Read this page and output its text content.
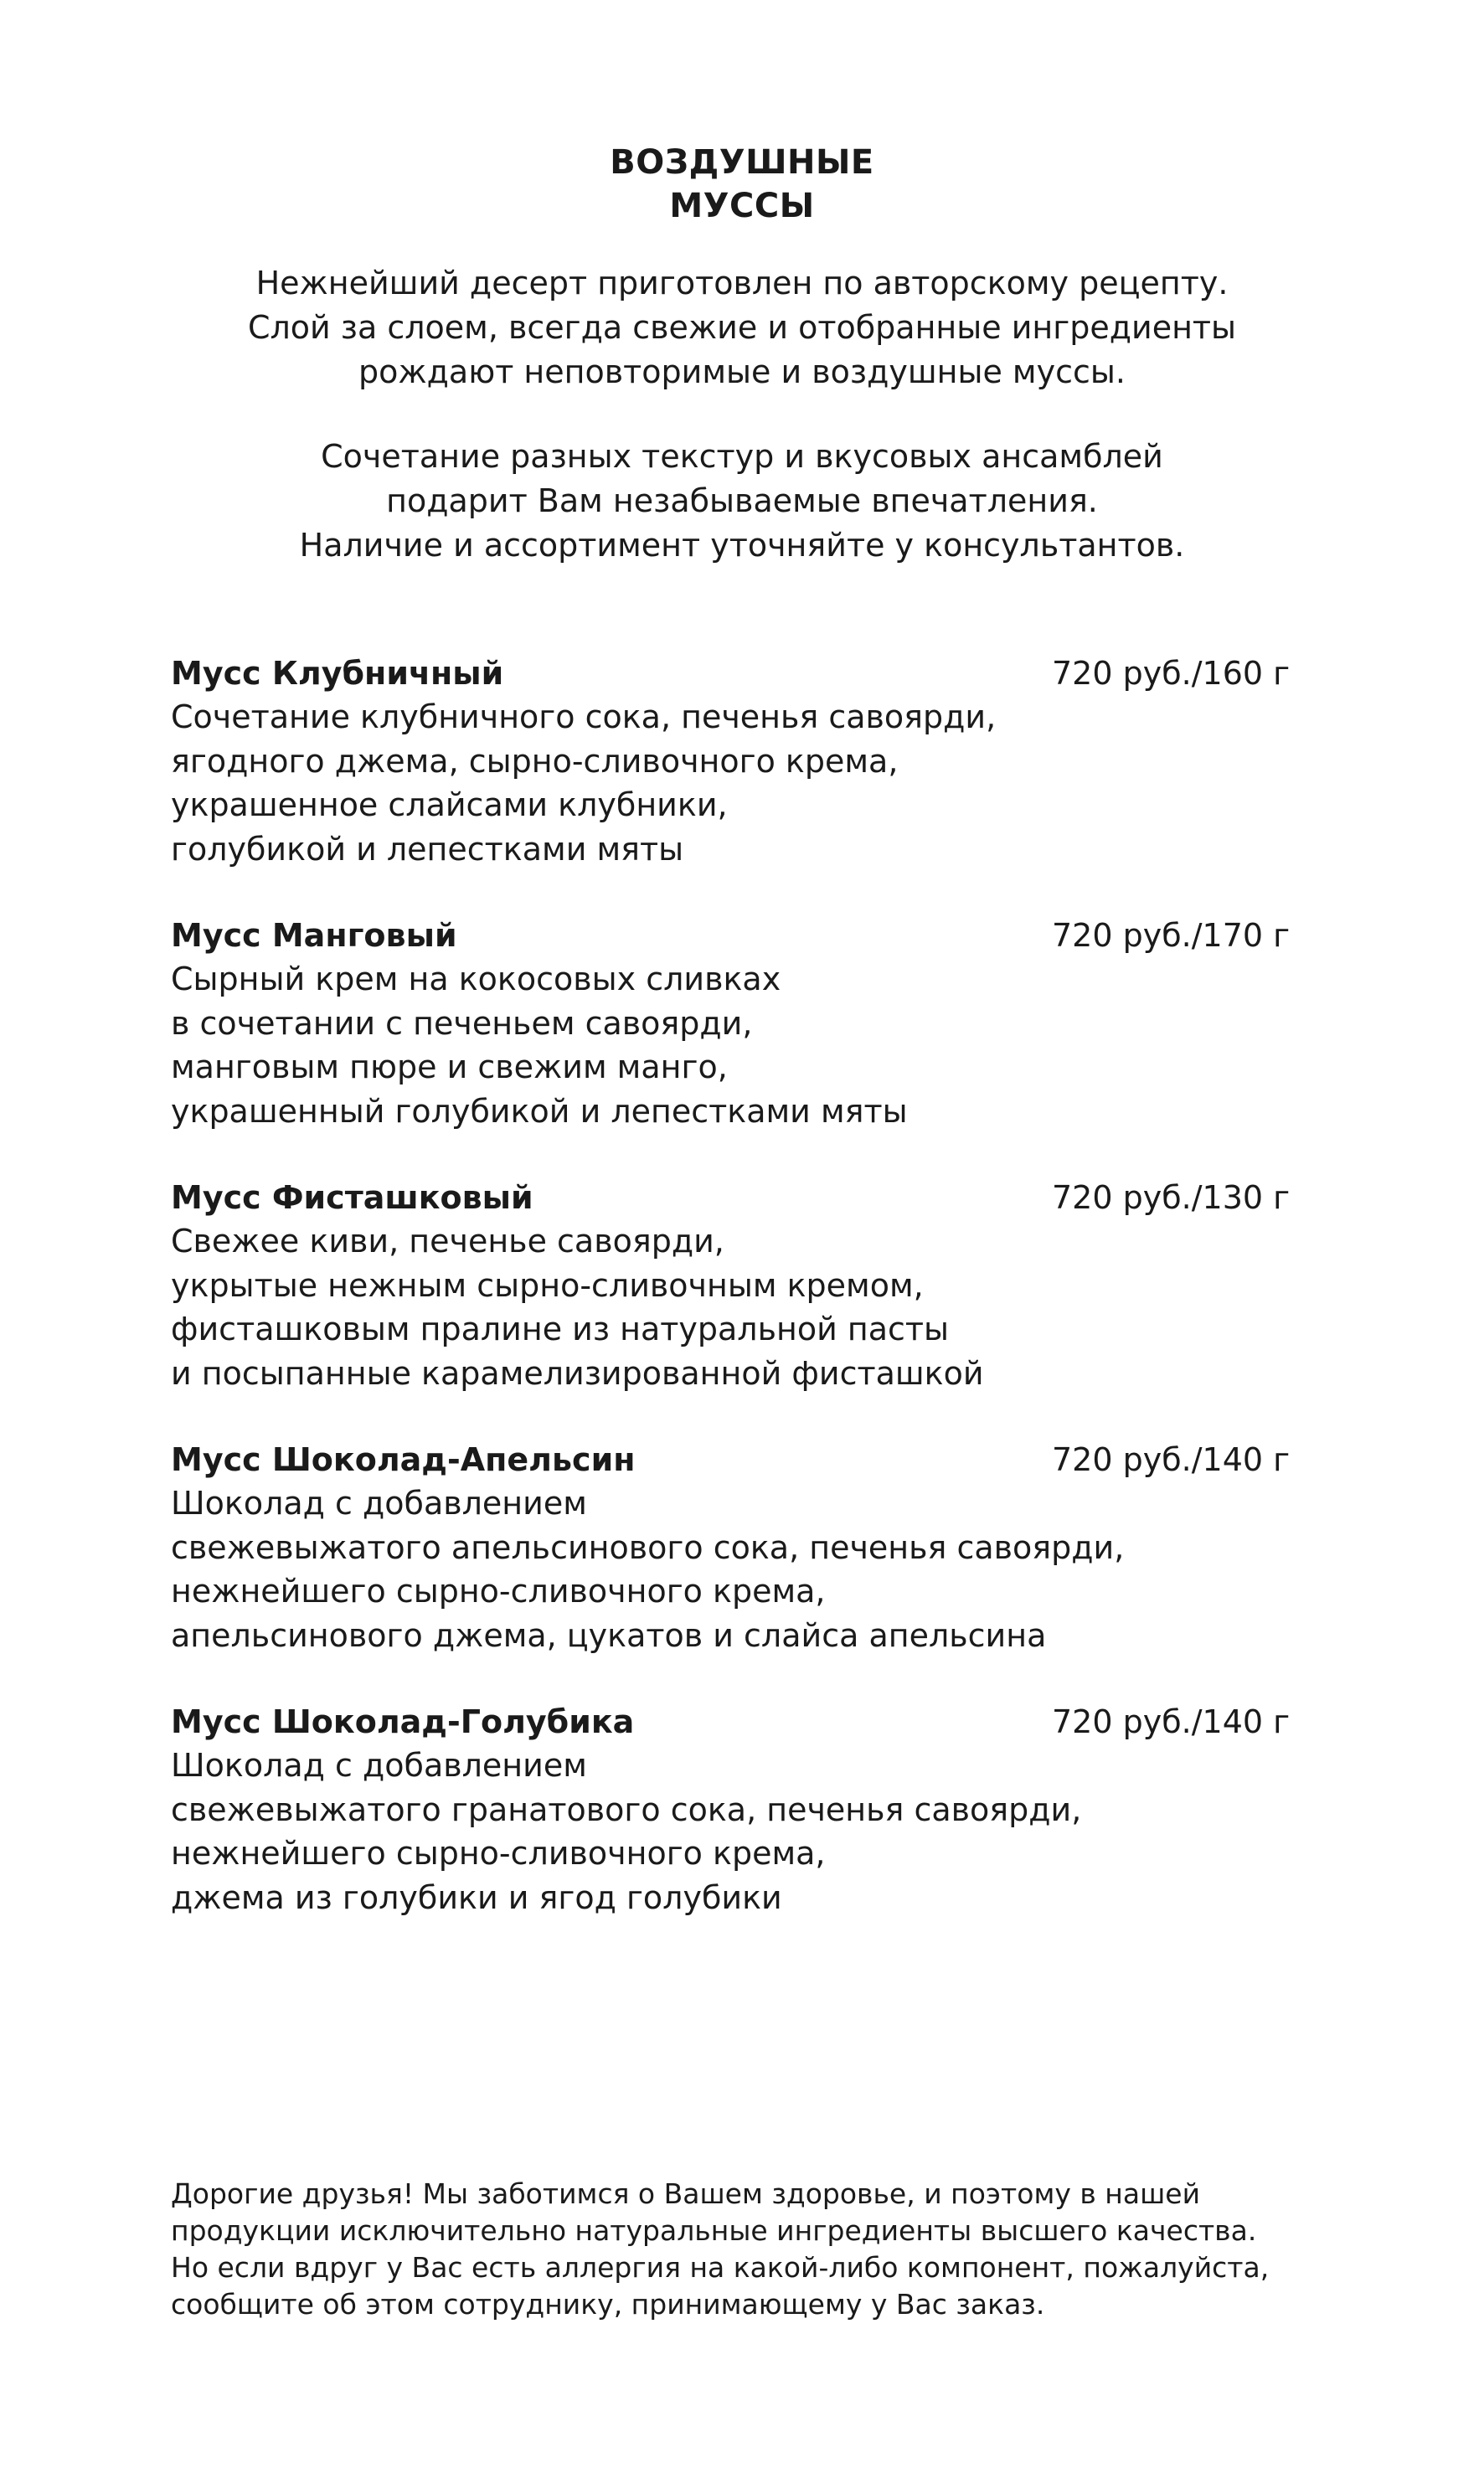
ВОЗДУШНЫЕ
МУССЫ

Нежнейший десерт приготовлен по авторскому рецепту.

Слой за слоем, всегда свежие и отобранные ингредиенты

рождают неповторимые и воздушные муссы.

Сочетание разных текстур и вкусовых ансамблей

подарит Вам незабываемые впечатления.

Наличие и ассортимент уточняйте у консультантов.

Мусс Клубничный	720 руб./160 г
Сочетание клубничного сока, печенья савоярди,
ягодного джема, сырно-сливочного крема,
украшенное слайсами клубники,
голубикой и лепестками мяты
Мусс Манговый	720 руб./170 г
Сырный крем на кокосовых сливках
в сочетании с печеньем савоярди,
манговым пюре и свежим манго,
украшенный голубикой и лепестками мяты
Мусс Фисташковый	720 руб./130 г
Свежее киви, печенье савоярди,
укрытые нежным сырно-сливочным кремом,
фисташковым пралине из натуральной пасты
и посыпанные карамелизированной фисташкой
Мусс Шоколад-Апельсин	720 руб./140 г
Шоколад с добавлением
свежевыжатого апельсинового сока, печенья савоярди,
нежнейшего сырно-сливочного крема,
апельсинового джема, цукатов и слайса апельсина
Мусс Шоколад-Голубика	720 руб./140 г
Шоколад с добавлением
свежевыжатого гранатового сока, печенья савоярди,
нежнейшего сырно-сливочного крема,
джема из голубики и ягод голубики
Дорогие друзья! Мы заботимся о Вашем здоровье, и поэтому в нашей
продукции исключительно натуральные ингредиенты высшего качества.
Но если вдруг у Вас есть аллергия на какой-либо компонент, пожалуйста,
сообщите об этом сотруднику, принимающему у Вас заказ.
